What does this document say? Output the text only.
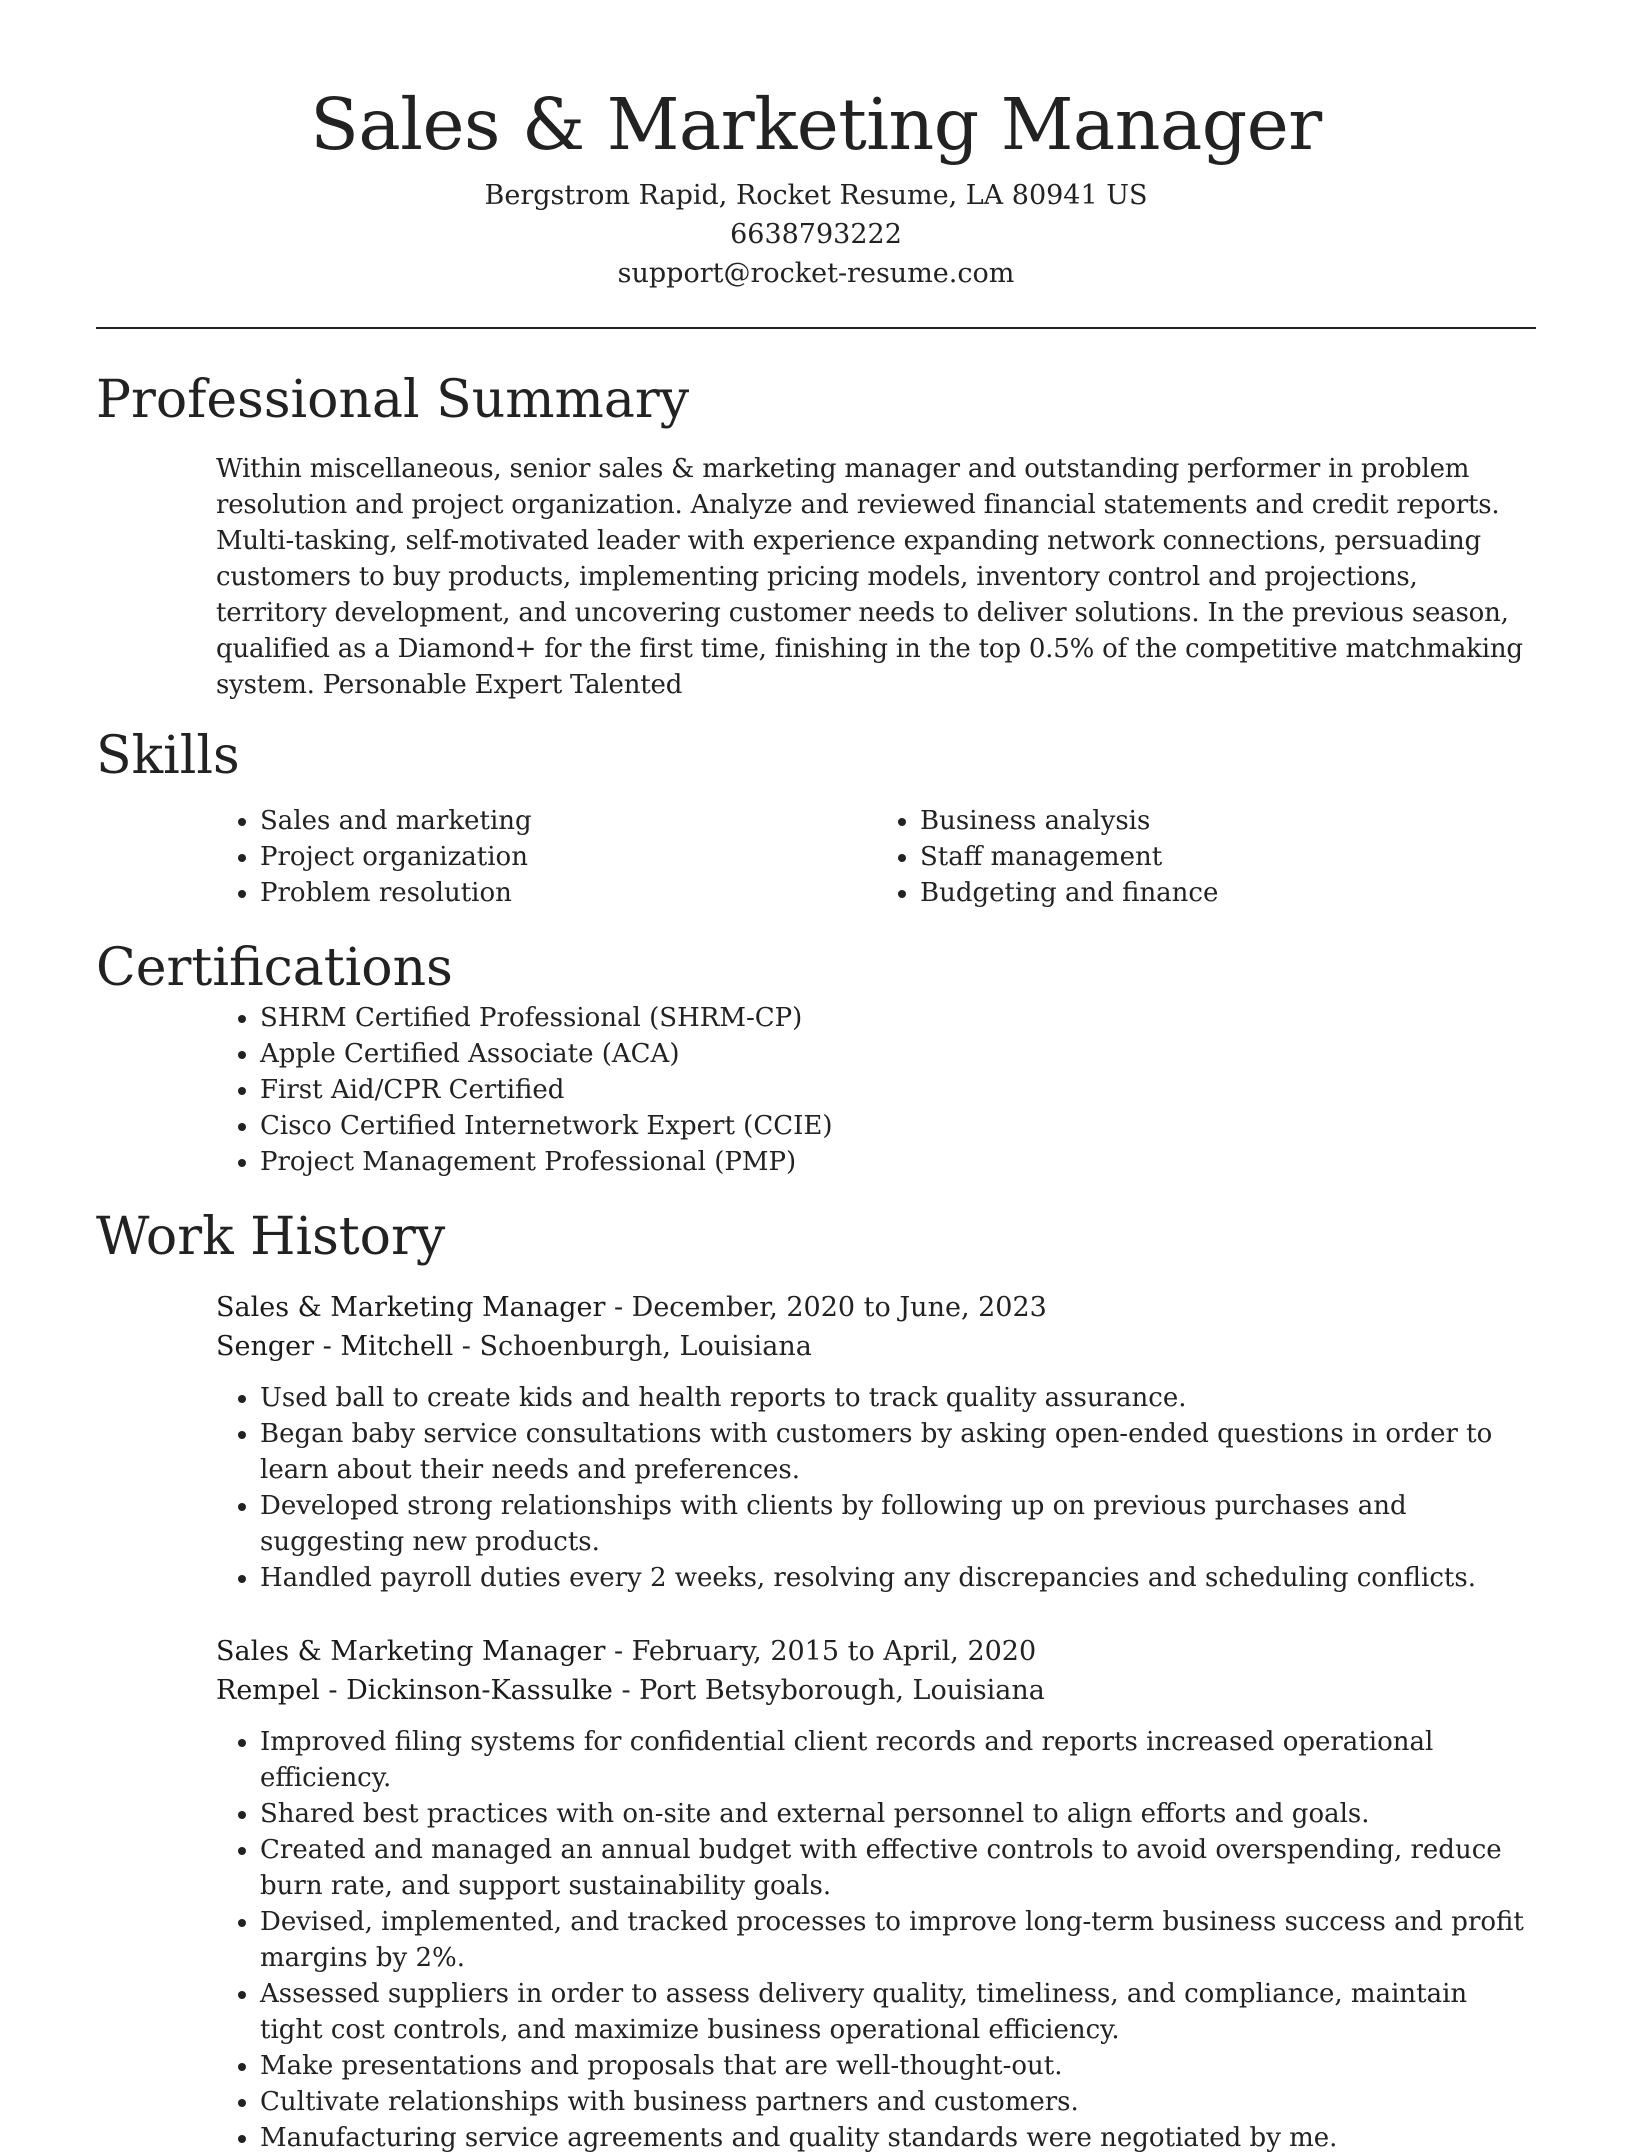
Sales & Marketing Manager
Bergstrom Rapid, Rocket Resume, LA 80941 US
6638793222
support@rocket-resume.com
Professional Summary

Within miscellaneous, senior sales & marketing manager and outstanding performer in problem resolution and project organization. Analyze and reviewed financial statements and credit reports. Multi-tasking, self-motivated leader with experience expanding network connections, persuading customers to buy products, implementing pricing models, inventory control and projections, territory development, and uncovering customer needs to deliver solutions. In the previous season, qualified as a Diamond+ for the first time, finishing in the top 0.5% of the competitive matchmaking system. Personable Expert Talented

Skills
• Sales and marketing
• Project organization
• Problem resolution
• Business analysis
• Staff management
• Budgeting and finance
Certifications
• SHRM Certified Professional (SHRM-CP)
• Apple Certified Associate (ACA)
• First Aid/CPR Certified
• Cisco Certified Internetwork Expert (CCIE)
• Project Management Professional (PMP)
Work History
Sales & Marketing Manager - December, 2020 to June, 2023
Senger - Mitchell - Schoenburgh, Louisiana
• Used ball to create kids and health reports to track quality assurance.
• Began baby service consultations with customers by asking open-ended questions in order to learn about their needs and preferences.
• Developed strong relationships with clients by following up on previous purchases and suggesting new products.
• Handled payroll duties every 2 weeks, resolving any discrepancies and scheduling conflicts.
Sales & Marketing Manager - February, 2015 to April, 2020
Rempel - Dickinson-Kassulke - Port Betsyborough, Louisiana
• Improved filing systems for confidential client records and reports increased operational efficiency.
• Shared best practices with on-site and external personnel to align efforts and goals.
• Created and managed an annual budget with effective controls to avoid overspending, reduce burn rate, and support sustainability goals.
• Devised, implemented, and tracked processes to improve long-term business success and profit margins by 2%.
• Assessed suppliers in order to assess delivery quality, timeliness, and compliance, maintain tight cost controls, and maximize business operational efficiency.
• Make presentations and proposals that are well-thought-out.
• Cultivate relationships with business partners and customers.
• Manufacturing service agreements and quality standards were negotiated by me.
